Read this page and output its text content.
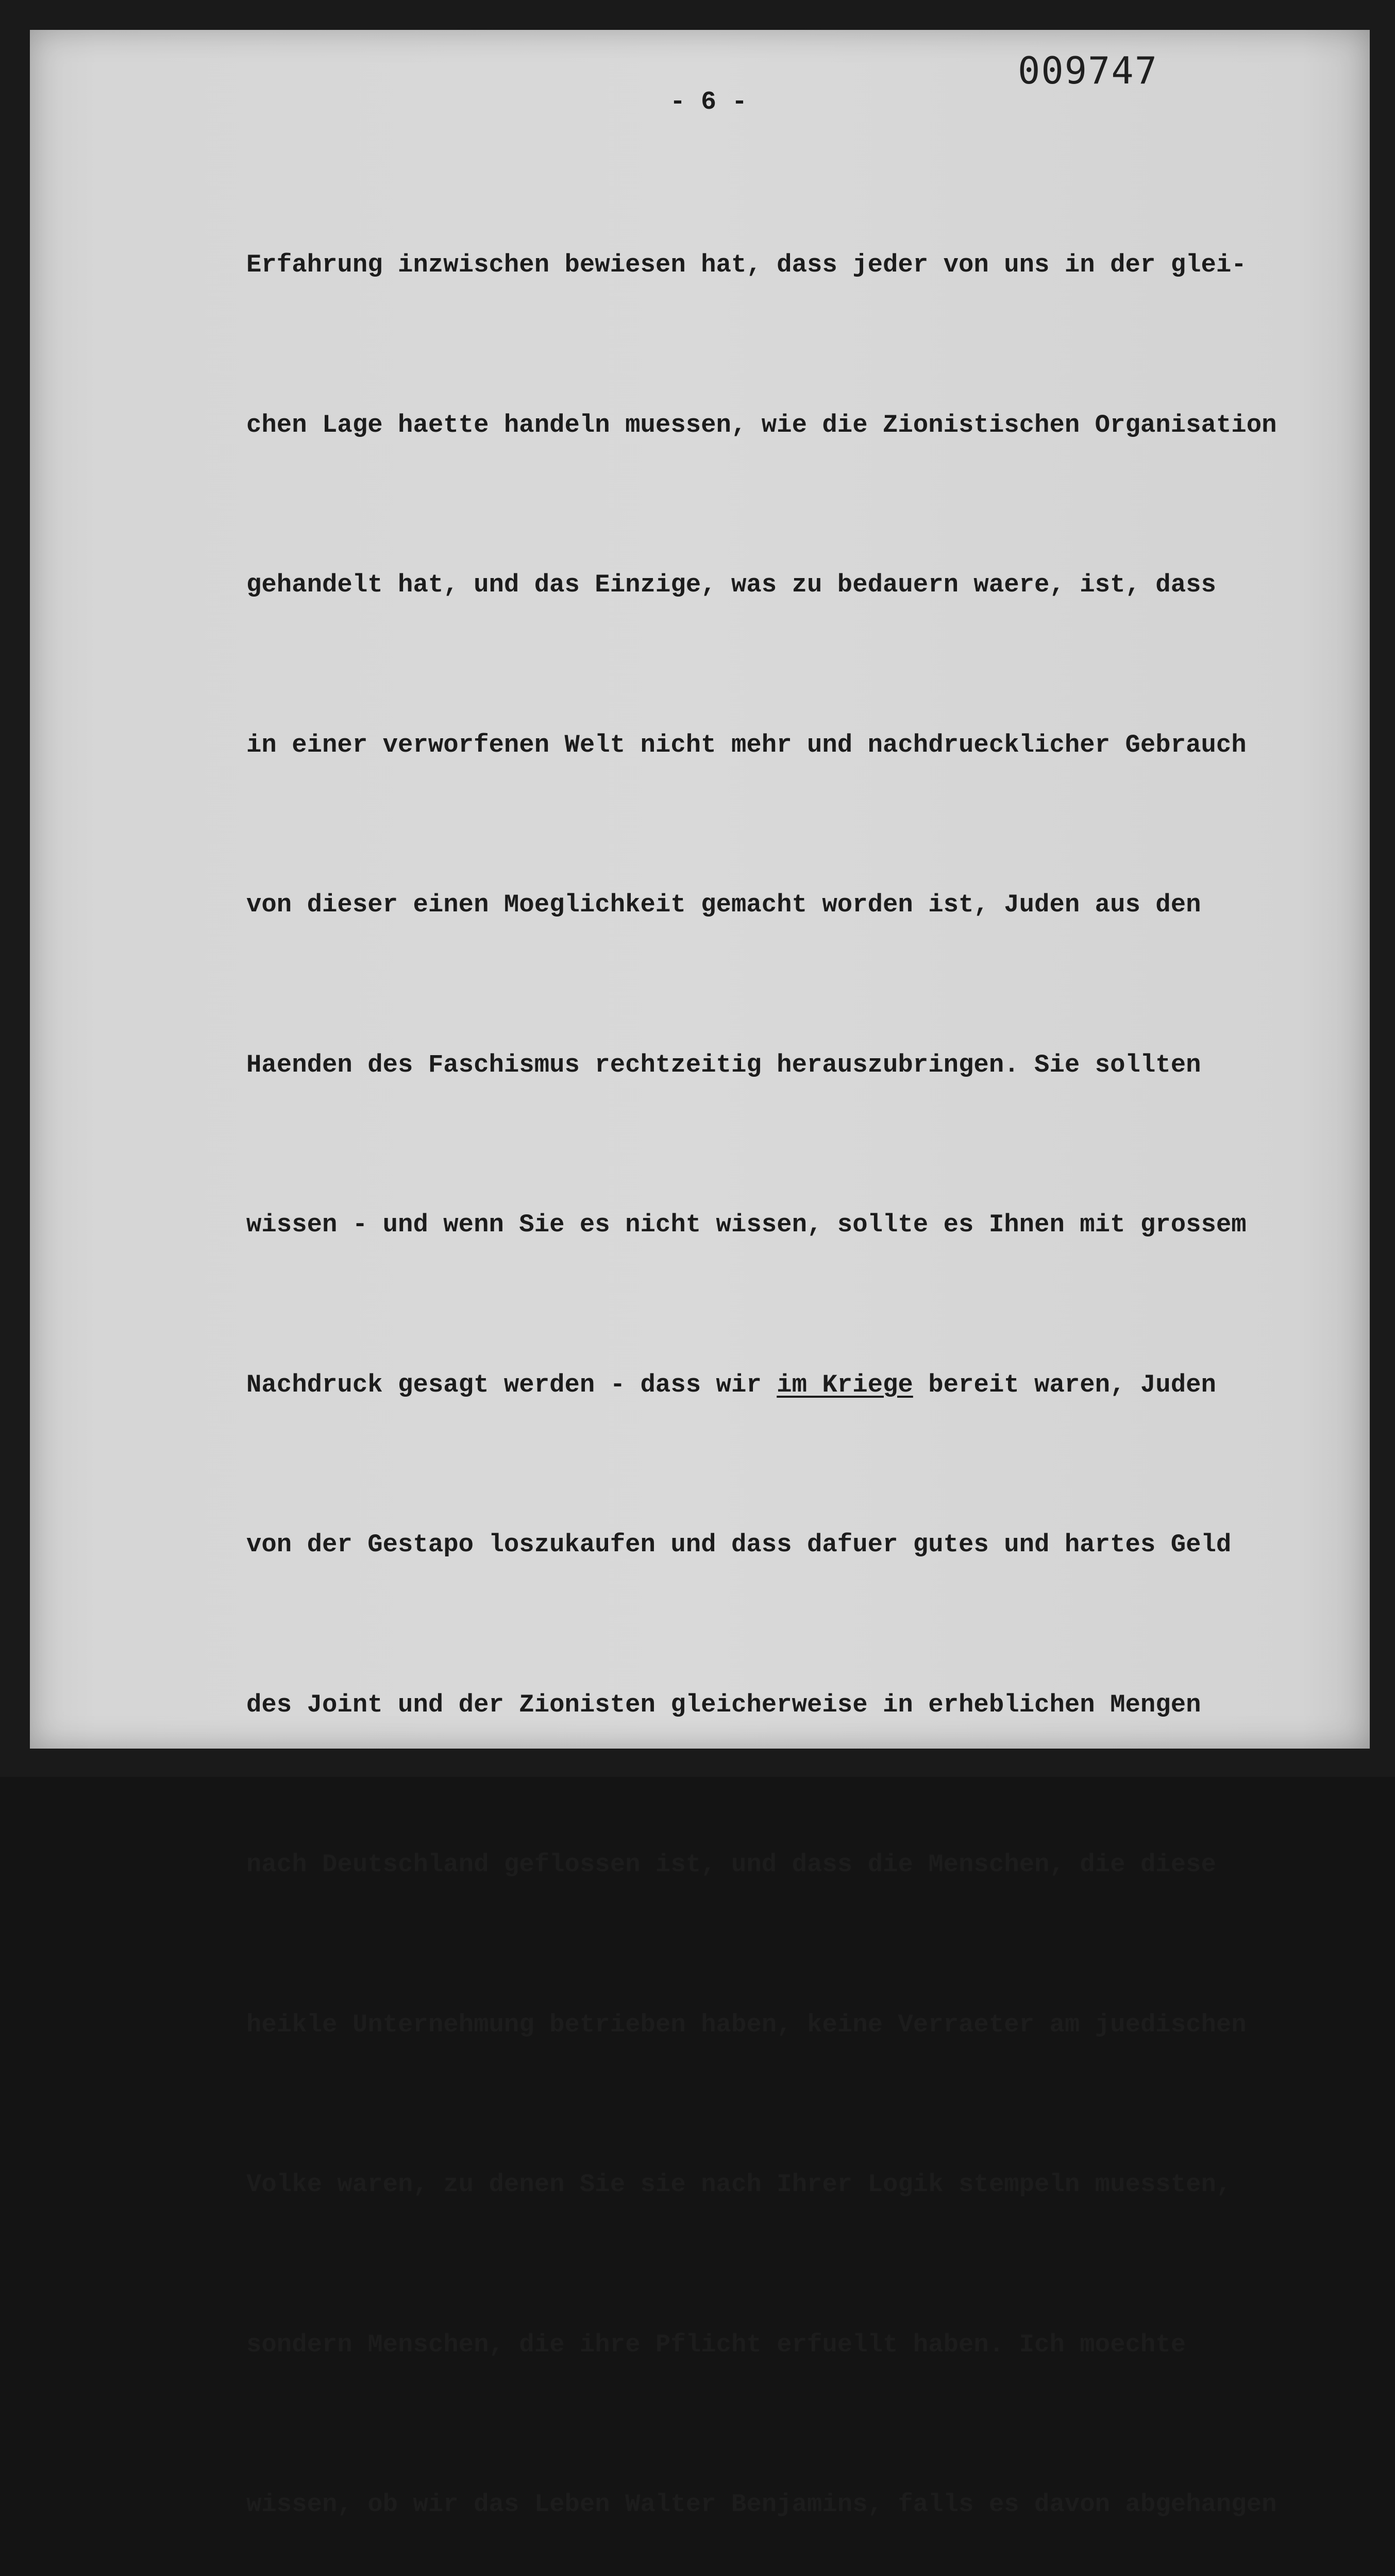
009747
- 6 -

Erfahrung inzwischen bewiesen hat, dass jeder von uns in der glei-

chen Lage haette handeln muessen, wie die Zionistischen Organisation

gehandelt hat, und das Einzige, was zu bedauern waere, ist, dass

in einer verworfenen Welt nicht mehr und nachdruecklicher Gebrauch

von dieser einen Moeglichkeit gemacht worden ist, Juden aus den

Haenden des Faschismus rechtzeitig herauszubringen. Sie sollten

wissen - und wenn Sie es nicht wissen, sollte es Ihnen mit grossem

Nachdruck gesagt werden - dass wir im Kriege bereit waren, Juden

von der Gestapo loszukaufen und dass dafuer gutes und hartes Geld

des Joint und der Zionisten gleicherweise in erheblichen Mengen

nach Deutschland geflossen ist, und dass die Menschen, die diese

heikle Unternehmung betrieben haben, keine Verraeter am juedischen

Volke waren, zu denen Sie sie nach Ihrer Logik stempeln muessten,

sondern Menschen, die ihre Pflicht erfuellt haben. Ich moechte

wissen, ob wir das Leben Walter Benjamins, falls es davon abgehangen
